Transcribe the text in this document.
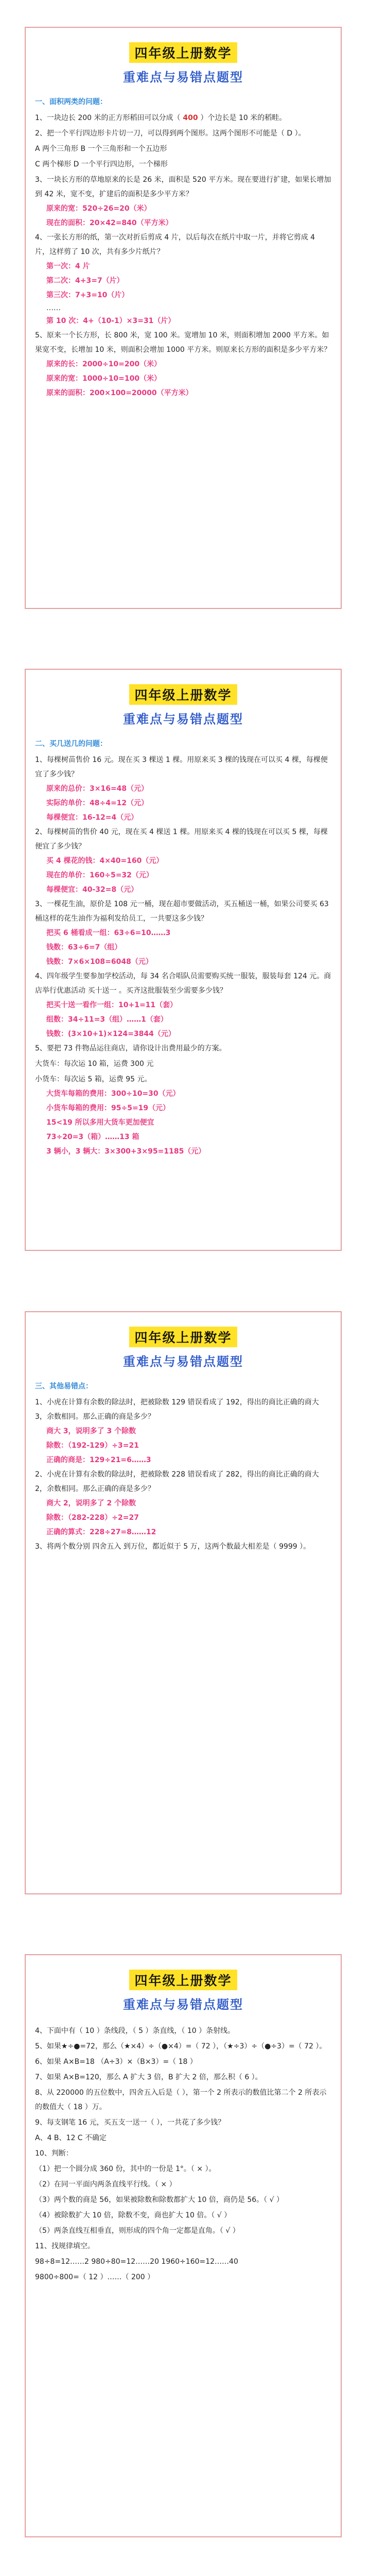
四年级上册数学
重难点与易错点题型
一、面积两类的问题：

1、一块边长 200 米的正方形稻田可以分成（ 400 ）个边长是 10 米的稻畦。

2、把一个平行四边形卡片切一刀，可以得到两个图形。这两个图形不可能是（ D ）。

A 两个三角形 B 一个三角形和一个五边形

C 两个梯形 D 一个平行四边形，一个梯形

3、一块长方形的草地原来的长是 26 米，面积是 520 平方米。现在要进行扩建，如果长增加到 42 米，宽不变，扩建后的面积是多少平方米？

原来的宽：520÷26=20（米）
现在的面积：20×42=840（平方米）

4、一张长方形的纸，第一次对折后剪成 4 片，以后每次在纸片中取一片，并将它剪成 4 片，这样剪了 10 次，共有多少片纸片？

第一次：4 片
第二次：4+3=7（片）
第三次：7+3=10（片）
……
第 10 次：4+（10-1）×3=31（片）

5、原来一个长方形，长 800 米，宽 100 米。宽增加 10 米，则面积增加 2000 平方米。如果宽不变，长增加 10 米，则面积会增加 1000 平方米。则原来长方形的面积是多少平方米？

原来的长：2000÷10=200（米）
原来的宽：1000÷10=100（米）
原来的面积：200×100=20000（平方米）
四年级上册数学
重难点与易错点题型
二、买几送几的问题：

1、每棵树苗售价 16 元。现在买 3 棵送 1 棵。用原来买 3 棵的钱现在可以买 4 棵，每棵便宜了多少钱？

原来的总价：3×16=48（元）
实际的单价：48÷4=12（元）
每棵便宜：16-12=4（元）

2、每棵树苗的售价 40 元，现在买 4 棵送 1 棵。用原来买 4 棵的钱现在可以买 5 棵，每棵便宜了多少钱？

买 4 棵花的钱：4×40=160（元）
现在的单价：160÷5=32（元）
每棵便宜：40-32=8（元）

3、一棵花生油，原价是 108 元一桶，现在超市要做活动，买五桶送一桶，如果公司要买 63 桶这样的花生油作为福利发给员工，一共要这多少钱？

把买 6 桶看成一组：63÷6=10……3
钱数：63÷6=7（组）
钱数：7×6×108=6048（元）

4、四年级学生要参加学校活动，每 34 名合唱队员需要购买统一服装，服装每套 124 元。商店举行优惠活动 买十送一 。买齐这批服装至少需要多少钱？

把买十送一看作一组：10+1=11（套）
组数：34÷11=3（组）……1（套）
钱数：(3×10+1)×124=3844（元）

5、要把 73 件物品运往商店，请你设计出费用最少的方案。

大货车：每次运 10 箱，运费 300 元

小货车：每次运 5 箱，运费 95 元。

大货车每箱的费用：300÷10=30（元）
小货车每箱的费用：95÷5=19（元）
15<19 所以多用大货车更加便宜
73÷20=3（箱）……13 箱
3 辆小，3 辆大：3×300+3×95=1185（元）
四年级上册数学
重难点与易错点题型
三、其他易错点：

1、小虎在计算有余数的除法时，把被除数 129 错误看成了 192，得出的商比正确的商大 3，余数相同。那么正确的商是多少？

商大 3，说明多了 3 个除数
除数：（192-129）÷3=21
正确的商是：129÷21=6……3

2、小虎在计算有余数的除法时，把被除数 228 错误看成了 282，得出的商比正确的商大 2，余数相同。那么正确的商是多少？

商大 2，说明多了 2 个除数
除数：（282-228）÷2=27
正确的算式：228÷27=8……12

3、将两个数分别 四舍五入 到万位，都近似于 5 万，这两个数最大相差是（ 9999 ）。

四年级上册数学
重难点与易错点题型

4、下面中有（ 10 ）条线段，（ 5 ）条直线，（ 10 ）条射线。

5、如果★÷●=72，那么（★×4）÷（●×4）=（ 72 ），（★÷3）÷（●÷3）=（ 72 ）。

6、如果 A×B=18 （A÷3）×（B×3）=（ 18 ）

7、如果 A×B=120，那么 A 扩大 3 倍，B 扩大 2 倍，那么积（ 6 ）。

8、从 220000 的五位数中，四舍五入后是（ ），第一个 2 所表示的数值比第二个 2 所表示的数值大（ 18 ）万。

9、每支钢笔 16 元，买五支一送一（ ），一共花了多少钱？

A、4 B、12 C 不确定

10、判断：

（1）把一个圆分成 360 份，其中的一份是 1°。（ × ）。

（2）在同一平面内两条直线平行线。（ × ）

（3）两个数的商是 56，如果被除数和除数都扩大 10 倍，商仍是 56。（ √ ）

（4）被除数扩大 10 倍，除数不变，商也扩大 10 倍。（ √ ）

（5）两条直线互相垂直，则形成的四个角一定都是直角。（ √ ）

11、找规律填空。

98÷8=12……2 980÷80=12……20 1960÷160=12……40

9800÷800=（ 12 ）……（ 200 ）
